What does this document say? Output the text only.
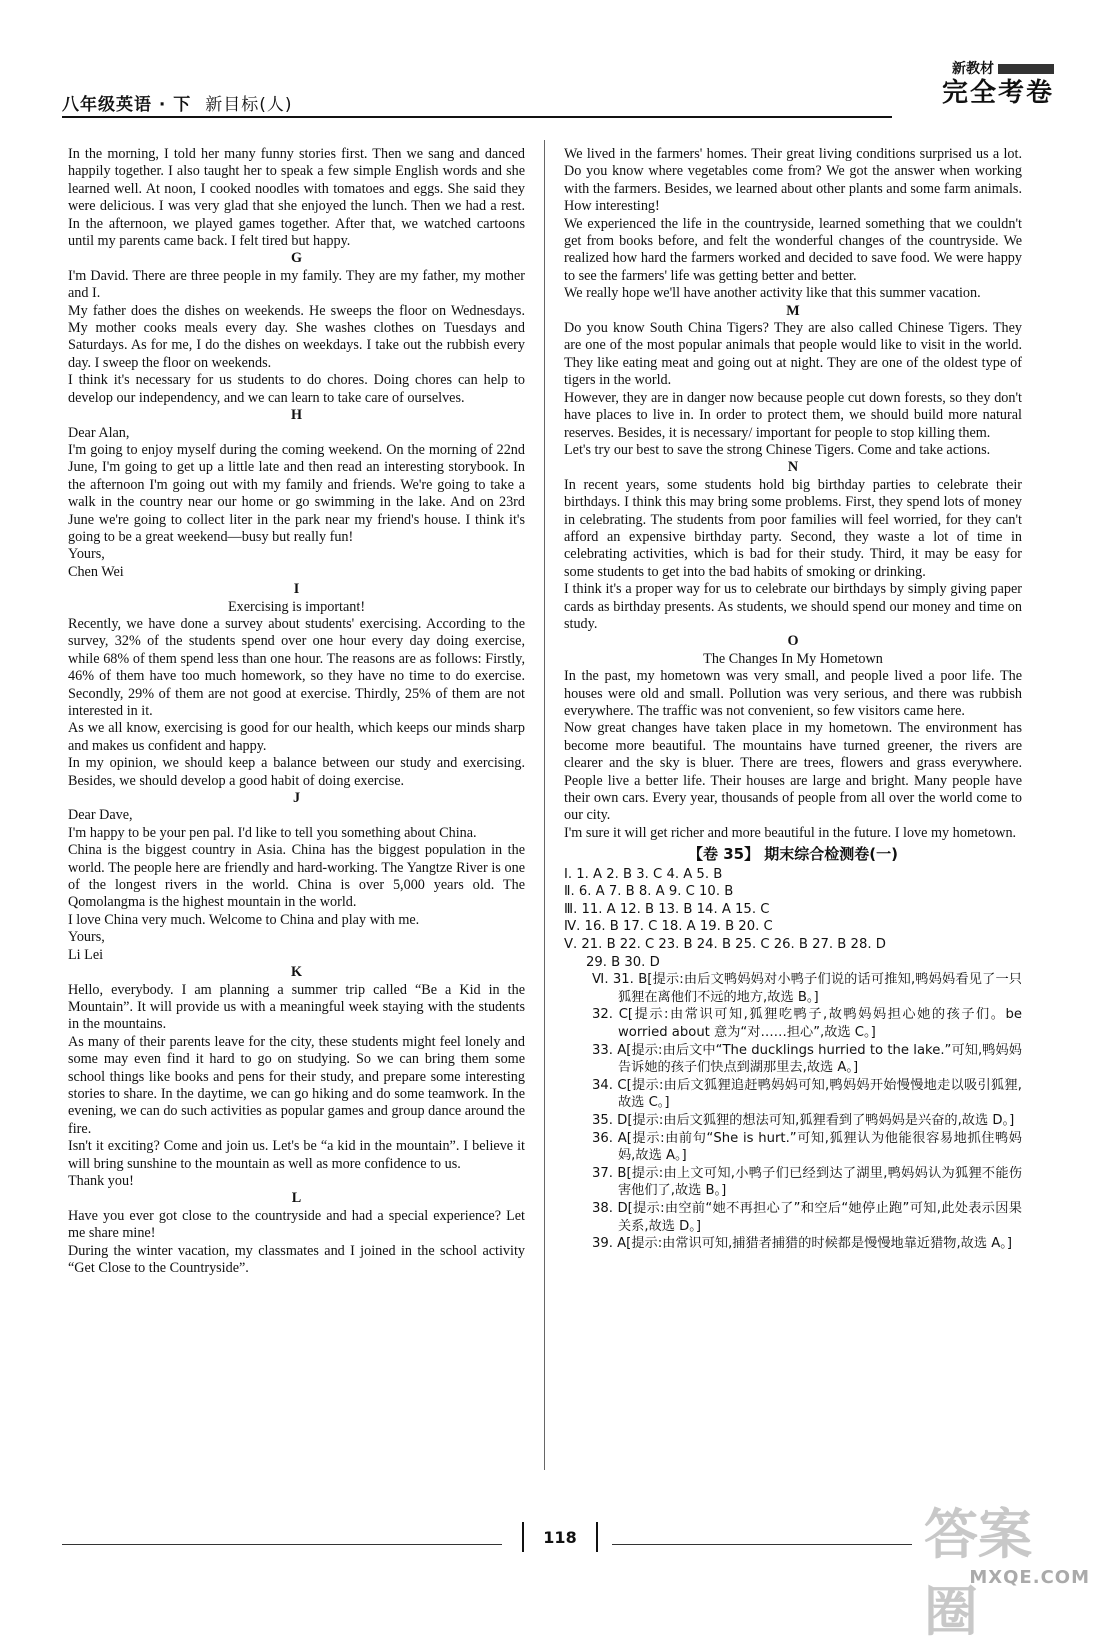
八年级英语 · 下 新目标(人)
新教材
完全考卷

In the morning, I told her many funny stories first. Then we sang and danced happily together. I also taught her to speak a few simple English words and she learned well. At noon, I cooked noodles with tomatoes and eggs. She said they were delicious. I was very glad that she enjoyed the lunch. Then we had a rest. In the afternoon, we played games together. After that, we watched cartoons until my parents came back. I felt tired but happy.

G

I'm David. There are three people in my family. They are my father, my mother and I.

My father does the dishes on weekends. He sweeps the floor on Wednesdays. My mother cooks meals every day. She washes clothes on Tuesdays and Saturdays. As for me, I do the dishes on weekdays. I take out the rubbish every day. I sweep the floor on weekends.

I think it's necessary for us students to do chores. Doing chores can help to develop our independency, and we can learn to take care of ourselves.

H

Dear Alan,

I'm going to enjoy myself during the coming weekend. On the morning of 22nd June, I'm going to get up a little late and then read an interesting storybook. In the afternoon I'm going out with my family and friends. We're going to take a walk in the country near our home or go swimming in the lake. And on 23rd June we're going to collect liter in the park near my friend's house. I think it's going to be a great weekend—busy but really fun!

Yours,

Chen Wei

I

Exercising is important!

Recently, we have done a survey about students' exercising. According to the survey, 32% of the students spend over one hour every day doing exercise, while 68% of them spend less than one hour. The reasons are as follows: Firstly, 46% of them have too much homework, so they have no time to do exercise. Secondly, 29% of them are not good at exercise. Thirdly, 25% of them are not interested in it.

As we all know, exercising is good for our health, which keeps our minds sharp and makes us confident and happy.

In my opinion, we should keep a balance between our study and exercising. Besides, we should develop a good habit of doing exercise.

J

Dear Dave,

I'm happy to be your pen pal. I'd like to tell you something about China.

China is the biggest country in Asia. China has the biggest population in the world. The people here are friendly and hard-working. The Yangtze River is one of the longest rivers in the world. China is over 5,000 years old. The Qomolangma is the highest mountain in the world.

I love China very much. Welcome to China and play with me.

Yours,

Li Lei

K

Hello, everybody. I am planning a summer trip called “Be a Kid in the Mountain”. It will provide us with a meaningful week staying with the students in the mountains.

As many of their parents leave for the city, these students might feel lonely and some may even find it hard to go on studying. So we can bring them some school things like books and pens for their study, and prepare some interesting stories to share. In the daytime, we can go hiking and do some teamwork. In the evening, we can do such activities as popular games and group dance around the fire.

Isn't it exciting? Come and join us. Let's be “a kid in the mountain”. I believe it will bring sunshine to the mountain as well as more confidence to us.

Thank you!

L

Have you ever got close to the countryside and had a special experience? Let me share mine!

During the winter vacation, my classmates and I joined in the school activity “Get Close to the Countryside”.

We lived in the farmers' homes. Their great living conditions surprised us a lot. Do you know where vegetables come from? We got the answer when working with the farmers. Besides, we learned about other plants and some farm animals. How interesting!

We experienced the life in the countryside, learned something that we couldn't get from books before, and felt the wonderful changes of the countryside. We realized how hard the farmers worked and decided to save food. We were happy to see the farmers' life was getting better and better.

We really hope we'll have another activity like that this summer vacation.

M

Do you know South China Tigers? They are also called Chinese Tigers. They are one of the most popular animals that people would like to visit in the world. They like eating meat and going out at night. They are one of the oldest type of tigers in the world.

However, they are in danger now because people cut down forests, so they don't have places to live in. In order to protect them, we should build more natural reserves. Besides, it is necessary/ important for people to stop killing them.

Let's try our best to save the strong Chinese Tigers. Come and take actions.

N

In recent years, some students hold big birthday parties to celebrate their birthdays. I think this may bring some problems. First, they spend lots of money in celebrating. The students from poor families will feel worried, for they can't afford an expensive birthday party. Second, they waste a lot of time in celebrating activities, which is bad for their study. Third, it may be easy for some students to get into the bad habits of smoking or drinking.

I think it's a proper way for us to celebrate our birthdays by simply giving paper cards as birthday presents. As students, we should spend our money and time on study.

O

The Changes In My Hometown

In the past, my hometown was very small, and people lived a poor life. The houses were old and small. Pollution was very serious, and there was rubbish everywhere. The traffic was not convenient, so few visitors came here.

Now great changes have taken place in my hometown. The environment has become more beautiful. The mountains have turned greener, the rivers are clearer and the sky is bluer. There are trees, flowers and grass everywhere. People live a better life. Their houses are large and bright. Many people have their own cars. Every year, thousands of people from all over the world come to our city.

I'm sure it will get richer and more beautiful in the future. I love my hometown.

【卷 35】 期末综合检测卷(一)

Ⅰ. 1. A 2. B 3. C 4. A 5. B

Ⅱ. 6. A 7. B 8. A 9. C 10. B

Ⅲ. 11. A 12. B 13. B 14. A 15. C

Ⅳ. 16. B 17. C 18. A 19. B 20. C

Ⅴ. 21. B 22. C 23. B 24. B 25. C 26. B 27. B 28. D

29. B 30. D

Ⅵ. 31. B[提示:由后文鸭妈妈对小鸭子们说的话可推知,鸭妈妈看见了一只狐狸在离他们不远的地方,故选 B。]

32. C[提示:由常识可知,狐狸吃鸭子,故鸭妈妈担心她的孩子们。be worried about 意为“对……担心”,故选 C。]

33. A[提示:由后文中“The ducklings hurried to the lake.”可知,鸭妈妈告诉她的孩子们快点到湖那里去,故选 A。]

34. C[提示:由后文狐狸追赶鸭妈妈可知,鸭妈妈开始慢慢地走以吸引狐狸,故选 C。]

35. D[提示:由后文狐狸的想法可知,狐狸看到了鸭妈妈是兴奋的,故选 D。]

36. A[提示:由前句“She is hurt.”可知,狐狸认为他能很容易地抓住鸭妈妈,故选 A。]

37. B[提示:由上文可知,小鸭子们已经到达了湖里,鸭妈妈认为狐狸不能伤害他们了,故选 B。]

38. D[提示:由空前“她不再担心了”和空后“她停止跑”可知,此处表示因果关系,故选 D。]

39. A[提示:由常识可知,捕猎者捕猎的时候都是慢慢地靠近猎物,故选 A。]

118	答案圈
MXQE.COM
